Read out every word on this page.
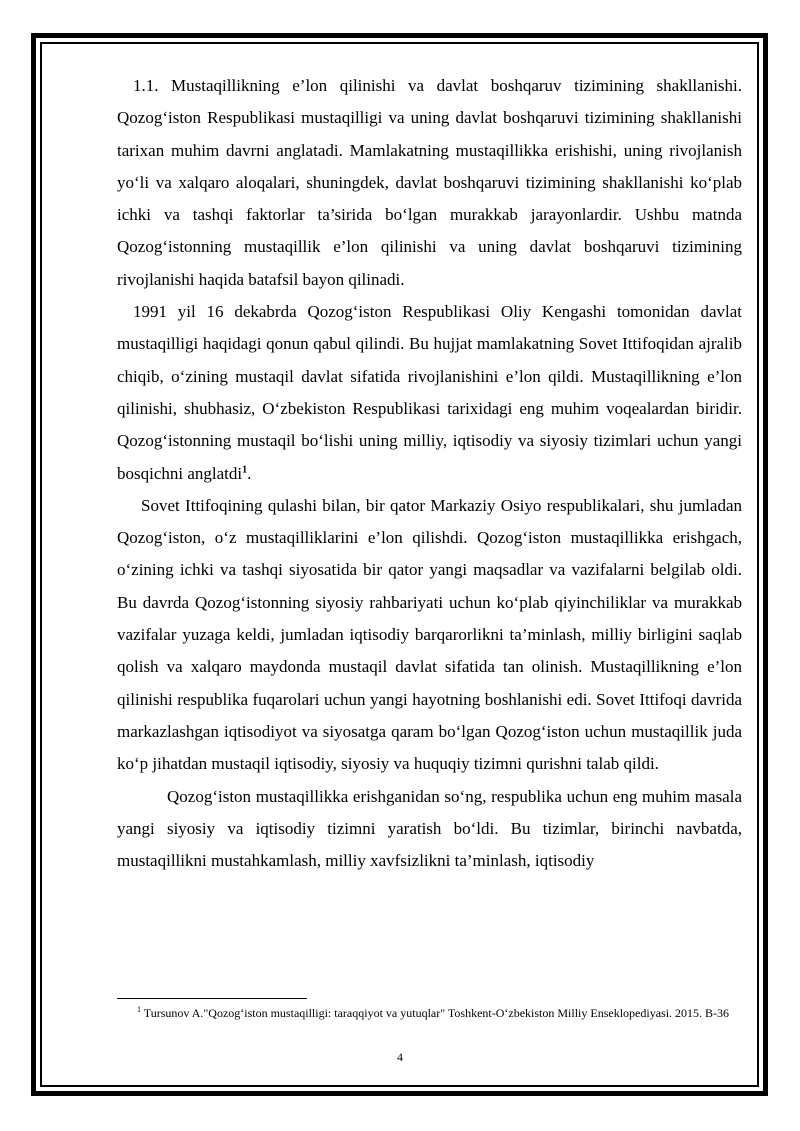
1.1. Mustaqillikning e’lon qilinishi va davlat boshqaruv tizimining shakllanishi. Qozog‘iston Respublikasi mustaqilligi va uning davlat boshqaruvi tizimining shakllanishi tarixan muhim davrni anglatadi. Mamlakatning mustaqillikka erishishi, uning rivojlanish yo‘li va xalqaro aloqalari, shuningdek, davlat boshqaruvi tizimining shakllanishi ko‘plab ichki va tashqi faktorlar ta’sirida bo‘lgan murakkab jarayonlardir. Ushbu matnda Qozog‘istonning mustaqillik e’lon qilinishi va uning davlat boshqaruvi tizimining rivojlanishi haqida batafsil bayon qilinadi.

1991 yil 16 dekabrda Qozog‘iston Respublikasi Oliy Kengashi tomonidan davlat mustaqilligi haqidagi qonun qabul qilindi. Bu hujjat mamlakatning Sovet Ittifoqidan ajralib chiqib, o‘zining mustaqil davlat sifatida rivojlanishini e’lon qildi. Mustaqillikning e’lon qilinishi, shubhasiz, O‘zbekiston Respublikasi tarixidagi eng muhim voqealardan biridir. Qozog‘istonning mustaqil bo‘lishi uning milliy, iqtisodiy va siyosiy tizimlari uchun yangi bosqichni anglatdi$^1$.

Sovet Ittifoqining qulashi bilan, bir qator Markaziy Osiyo respublikalari, shu jumladan Qozog‘iston, o‘z mustaqilliklarini e’lon qilishdi. Qozog‘iston mustaqillikka erishgach, o‘zining ichki va tashqi siyosatida bir qator yangi maqsadlar va vazifalarni belgilab oldi. Bu davrda Qozog‘istonning siyosiy rahbariyati uchun ko‘plab qiyinchiliklar va murakkab vazifalar yuzaga keldi, jumladan iqtisodiy barqarorlikni ta’minlash, milliy birligini saqlab qolish va xalqaro maydonda mustaqil davlat sifatida tan olinish. Mustaqillikning e’lon qilinishi respublika fuqarolari uchun yangi hayotning boshlanishi edi. Sovet Ittifoqi davrida markazlashgan iqtisodiyot va siyosatga qaram bo‘lgan Qozog‘iston uchun mustaqillik juda ko‘p jihatdan mustaqil iqtisodiy, siyosiy va huquqiy tizimni qurishni talab qildi.

Qozog‘iston mustaqillikka erishganidan so‘ng, respublika uchun eng muhim masala yangi siyosiy va iqtisodiy tizimni yaratish bo‘ldi. Bu tizimlar, birinchi navbatda, mustaqillikni mustahkamlash, milliy xavfsizlikni ta’minlash, iqtisodiy

$^1$ Tursunov A."Qozog‘iston mustaqilligi: taraqqiyot va yutuqlar" Toshkent-O‘zbekiston Milliy Enseklopediyasi. 2015. B-36
4
